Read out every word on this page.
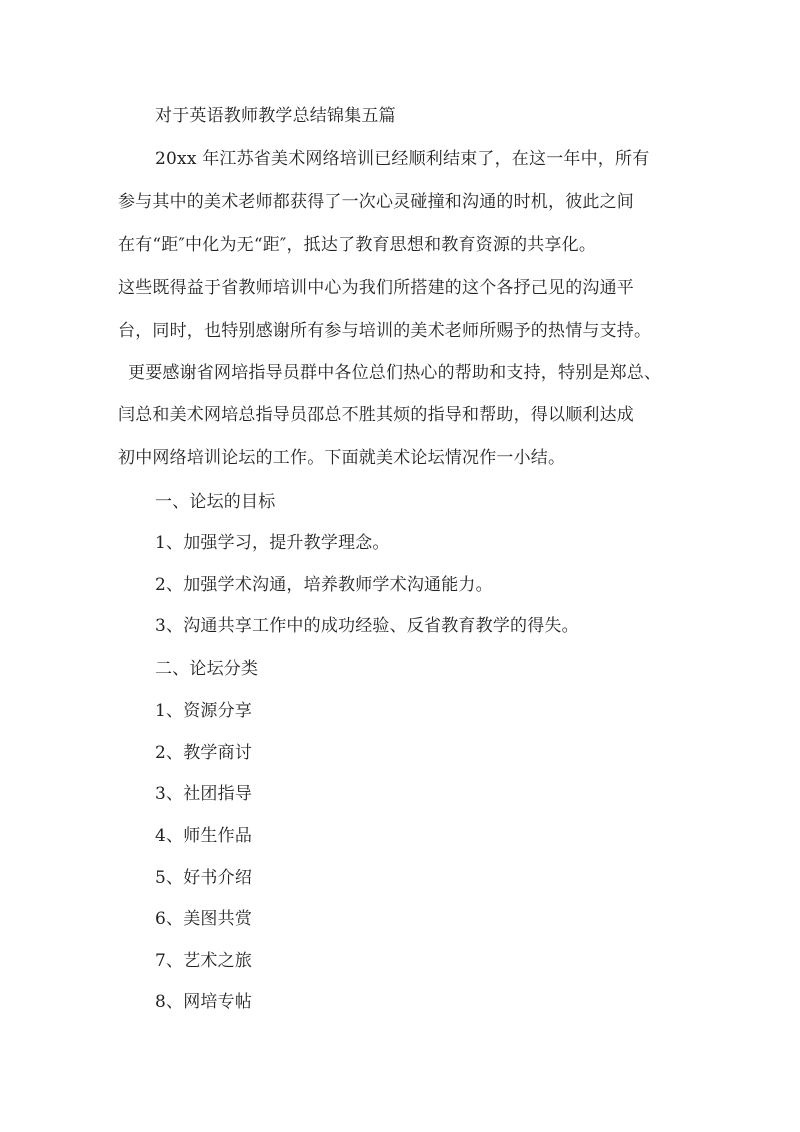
对于英语教师教学总结锦集五篇
20xx 年江苏省美术网络培训已经顺利结束了，在这一年中，所有
参与其中的美术老师都获得了一次心灵碰撞和沟通的时机，彼此之间
在有“距″中化为无“距″，抵达了教育思想和教育资源的共享化。
这些既得益于省教师培训中心为我们所搭建的这个各抒己见的沟通平
台，同时，也特别感谢所有参与培训的美术老师所赐予的热情与支持。
更要感谢省网培指导员群中各位总们热心的帮助和支持，特别是郑总、
闫总和美术网培总指导员邵总不胜其烦的指导和帮助，得以顺利达成
初中网络培训论坛的工作。下面就美术论坛情况作一小结。
一、论坛的目标
1、加强学习，提升教学理念。
2、加强学术沟通，培养教师学术沟通能力。
3、沟通共享工作中的成功经验、反省教育教学的得失。
二、论坛分类
1、资源分享
2、教学商讨
3、社团指导
4、师生作品
5、好书介绍
6、美图共赏
7、艺术之旅
8、网培专帖
